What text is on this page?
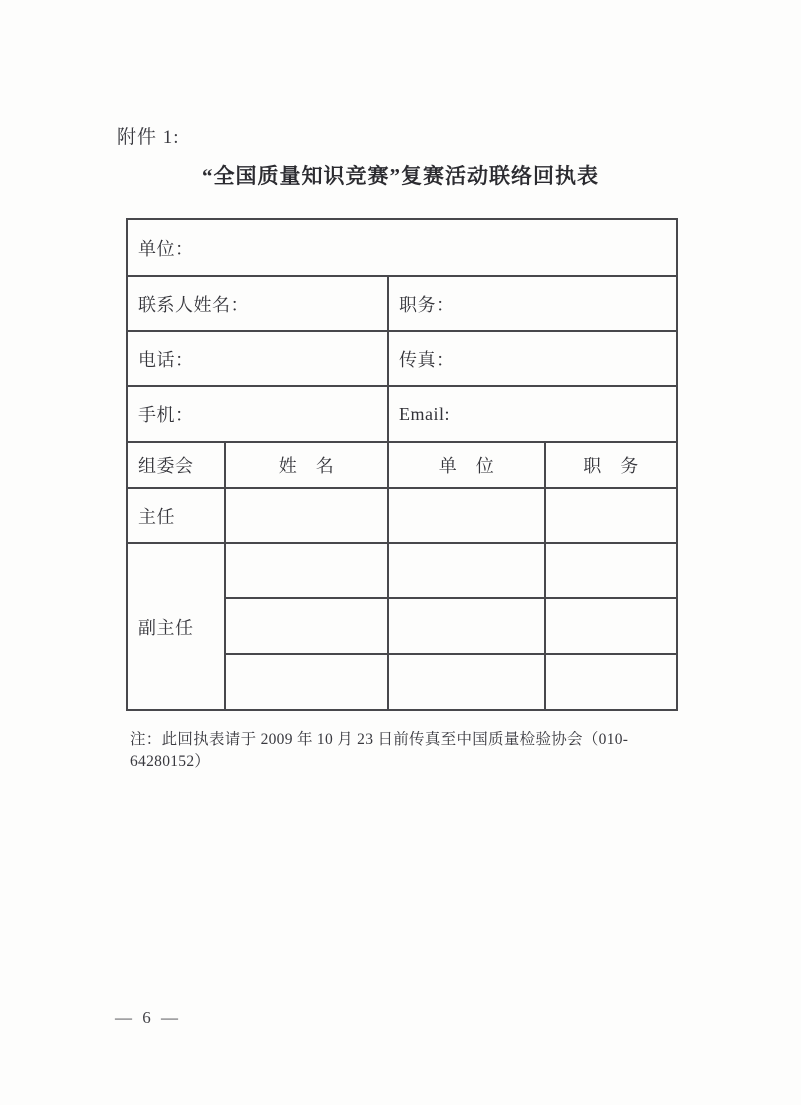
附件 1:
“全国质量知识竞赛”复赛活动联络回执表
单位：			
联系人姓名：		职务：	
电话：		传真：	
手机：		Email:	
组委会	姓　名	单　位	职　务
主任			
副主任			

注：此回执表请于 2009 年 10 月 23 日前传真至中国质量检验协会（010-64280152）
— 6 —
